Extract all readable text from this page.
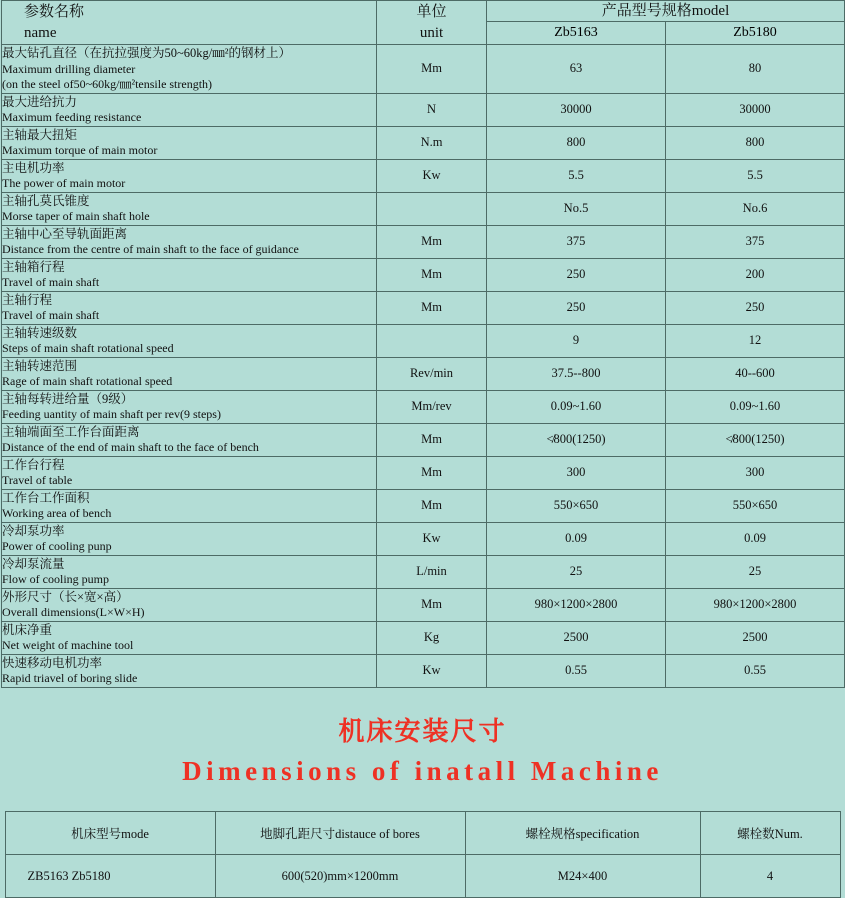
参数名称
name	单位
unit	产品型号规格model	
		Zb5163	Zb5180

最大钻孔直径（在抗拉强度为50~60kg/㎜²的钢材上）
Maximum drilling diameter
(on the steel of50~60kg/㎜²tensile strength)	Mm	63	80

最大进给抗力
Maximum feeding resistance	N	30000	30000

主轴最大扭矩
Maximum torque of main motor	N.m	800	800

主电机功率
The power of main motor	Kw	5.5	5.5

主轴孔莫氏锥度
Morse taper of main shaft hole		No.5	No.6

主轴中心至导轨面距离
Distance from the centre of main shaft to the face of guidance	Mm	375	375

主轴箱行程
Travel of main shaft	Mm	250	200

主轴行程
Travel of main shaft	Mm	250	250

主轴转速级数
Steps of main shaft rotational speed		9	12

主轴转速范围
Rage of main shaft rotational speed	Rev/min	37.5--800	40--600

主轴每转进给量（9级）
Feeding uantity of main shaft per rev(9 steps)	Mm/rev	0.09~1.60	0.09~1.60

主轴端面至工作台面距离
Distance of the end of main shaft to the face of bench	Mm	≮800(1250)	≮800(1250)

工作台行程
Travel of table	Mm	300	300

工作台工作面积
Working area of bench	Mm	550×650	550×650

冷却泵功率
Power of cooling punp	Kw	0.09	0.09

冷却泵流量
Flow of cooling pump	L/min	25	25

外形尺寸（长×宽×高）
Overall dimensions(L×W×H)	Mm	980×1200×2800	980×1200×2800

机床净重
Net weight of machine tool	Kg	2500	2500

快速移动电机功率
Rapid triavel of boring slide	Kw	0.55	0.55
机床安装尺寸
Dimensions of inatall Machine
机床型号mode	地脚孔距尺寸distauce of bores	螺栓规格specification	螺栓数Num.
ZB5163 Zb5180	600(520)mm×1200mm	M24×400	4
